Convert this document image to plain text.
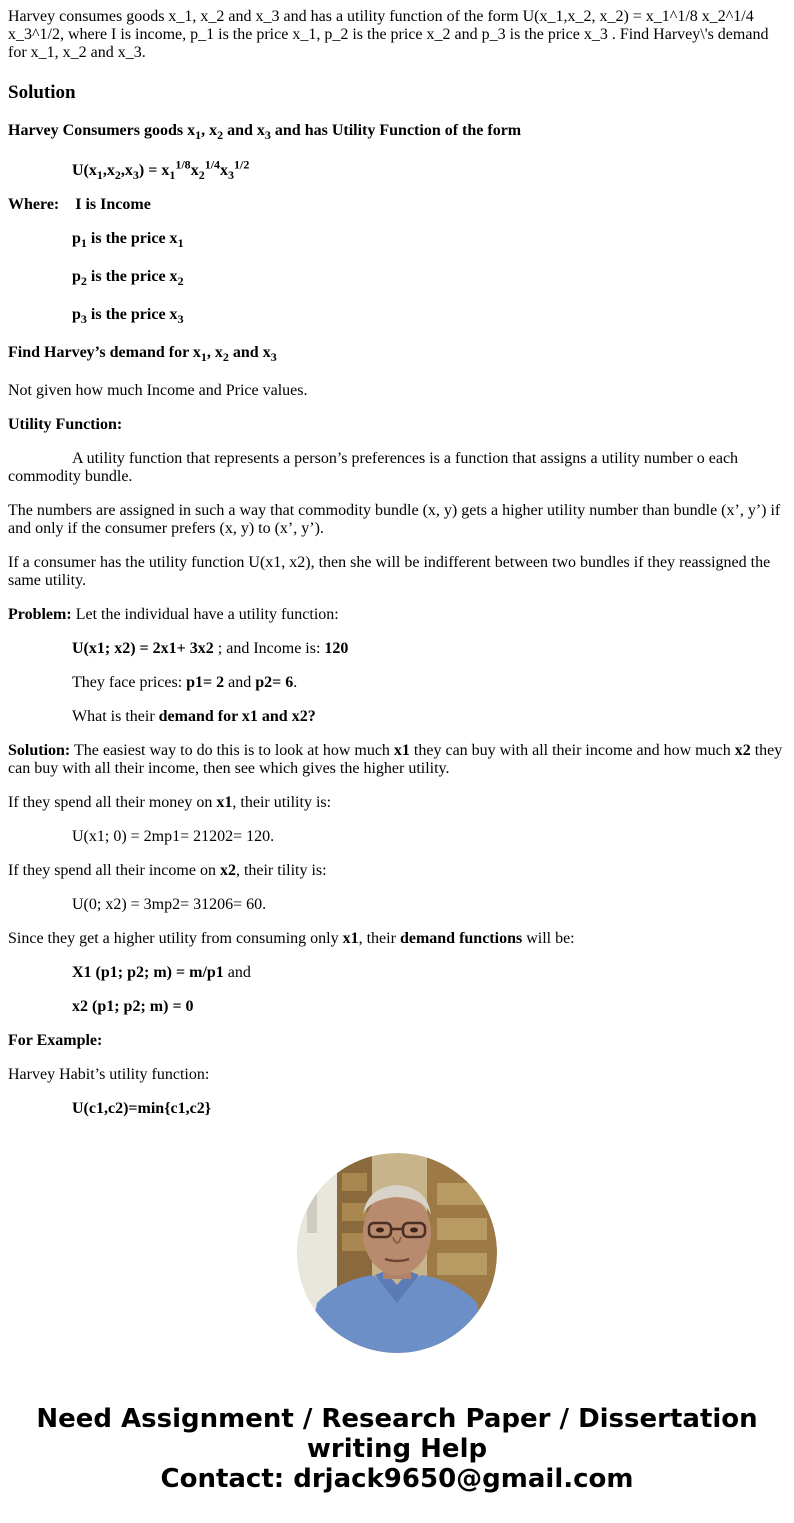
Harvey consumes goods x_1, x_2 and x_3 and has a utility function of the form U(x_1,x_2, x_2) = x_1^1/8 x_2^1/4 x_3^1/2, where I is income, p_1 is the price x_1, p_2 is the price x_2 and p_3 is the price x_3 . Find Harvey\'s demand for x_1, x_2 and x_3.

Solution

Harvey Consumers goods $x_1$, $x_2$ and $x_3$ and has Utility Function of the form

$U(x_1,x_2,x_3) = x_1^{1/8}x_2^{1/4}x_3^{1/2}$

Where: I is Income

$p_1$ is the price $x_1$

$p_2$ is the price $x_2$

$p_3$ is the price $x_3$

Find Harvey’s demand for $x_1$, $x_2$ and $x_3$

Not given how much Income and Price values.

Utility Function:

A utility function that represents a person’s preferences is a function that assigns a utility number o each commodity bundle.

The numbers are assigned in such a way that commodity bundle (x, y) gets a higher utility number than bundle (x’, y’) if and only if the consumer prefers (x, y) to (x’, y’).

If a consumer has the utility function U(x1, x2), then she will be indifferent between two bundles if they reassigned the same utility.

Problem: Let the individual have a utility function:

U(x1; x2) = 2x1+ 3x2 ; and Income is: 120

They face prices: p1= 2 and p2= 6.

What is their demand for x1 and x2?

Solution: The easiest way to do this is to look at how much x1 they can buy with all their income and how much x2 they can buy with all their income, then see which gives the higher utility.

If they spend all their money on x1, their utility is:

U(x1; 0) = 2mp1= 21202= 120.

If they spend all their income on x2, their tility is:

U(0; x2) = 3mp2= 31206= 60.

Since they get a higher utility from consuming only x1, their demand functions will be:

X1 (p1; p2; m) = m/p1 and

x2 (p1; p2; m) = 0

For Example:

Harvey Habit’s utility function:

U(c1,c2)=min{c1,c2}

Need Assignment / Research Paper / Dissertation
writing Help
Contact: drjack9650@gmail.com
